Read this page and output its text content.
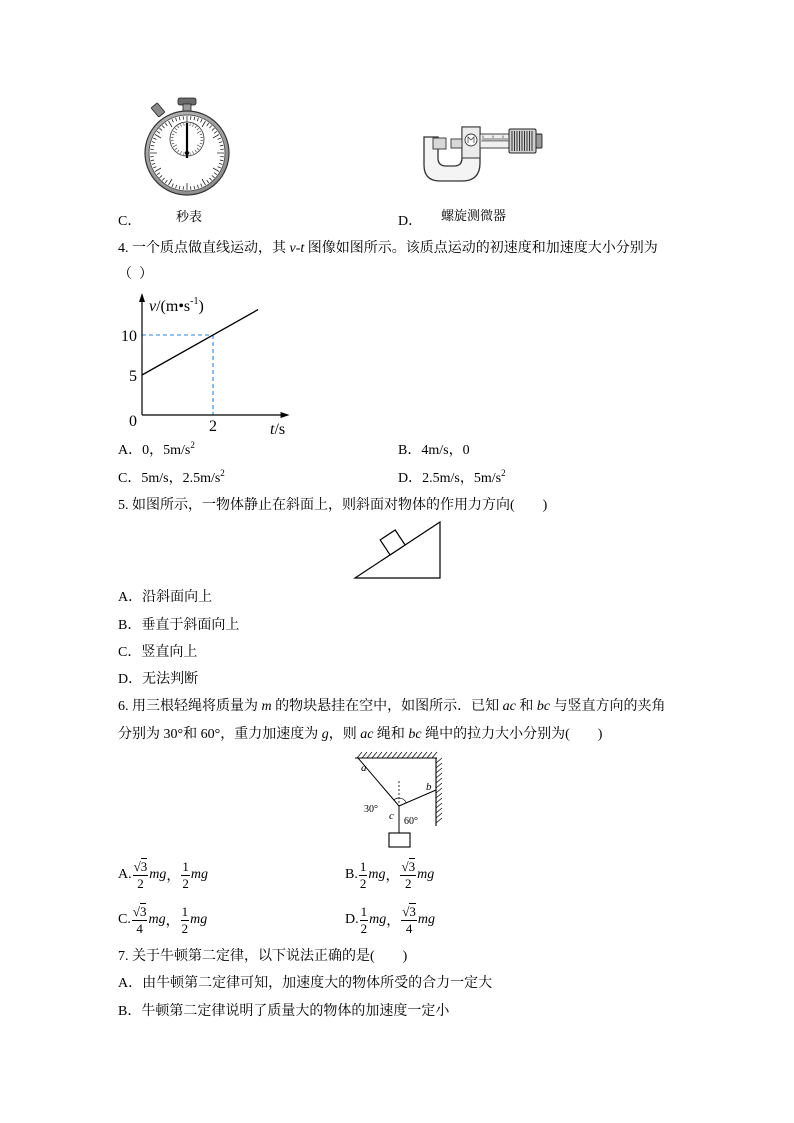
C．	秒表	D． 螺旋测微器
4. 一个质点做直线运动，其 v-t 图像如图所示。该质点运动的初速度和加速度大小分别为
（  ）
$v/(m•s^{-1})$
10
5
0	2	t/s
A．0，$5m/s^2$	B．4m/s，0
C．5m/s，$2.5m/s^2$	D．2.5m/s，$5m/s^2$
5. 如图所示，一物体静止在斜面上，则斜面对物体的作用力方向(　　)
A．沿斜面向上
B．垂直于斜面向上
C．竖直向上
D．无法判断
6. 用三根轻绳将质量为 m 的物块悬挂在空中，如图所示．已知 ac 和 bc 与竖直方向的夹角
分别为 30°和 60°，重力加速度为 g，则 ac 绳和 bc 绳中的拉力大小分别为(　　)
a
b
c
30°
60°
A. $\frac{√3}{2}$ mg ， $\frac{1}{2}$ mg	B. $\frac{1}{2}$ mg ， $\frac{√3}{2}$ mg
C. $\frac{√3}{4}$ mg ， $\frac{1}{2}$ mg	D. $\frac{1}{2}$ mg ， $\frac{√3}{4}$ mg
7. 关于牛顿第二定律，以下说法正确的是(　　)
A．由牛顿第二定律可知，加速度大的物体所受的合力一定大
B．牛顿第二定律说明了质量大的物体的加速度一定小
